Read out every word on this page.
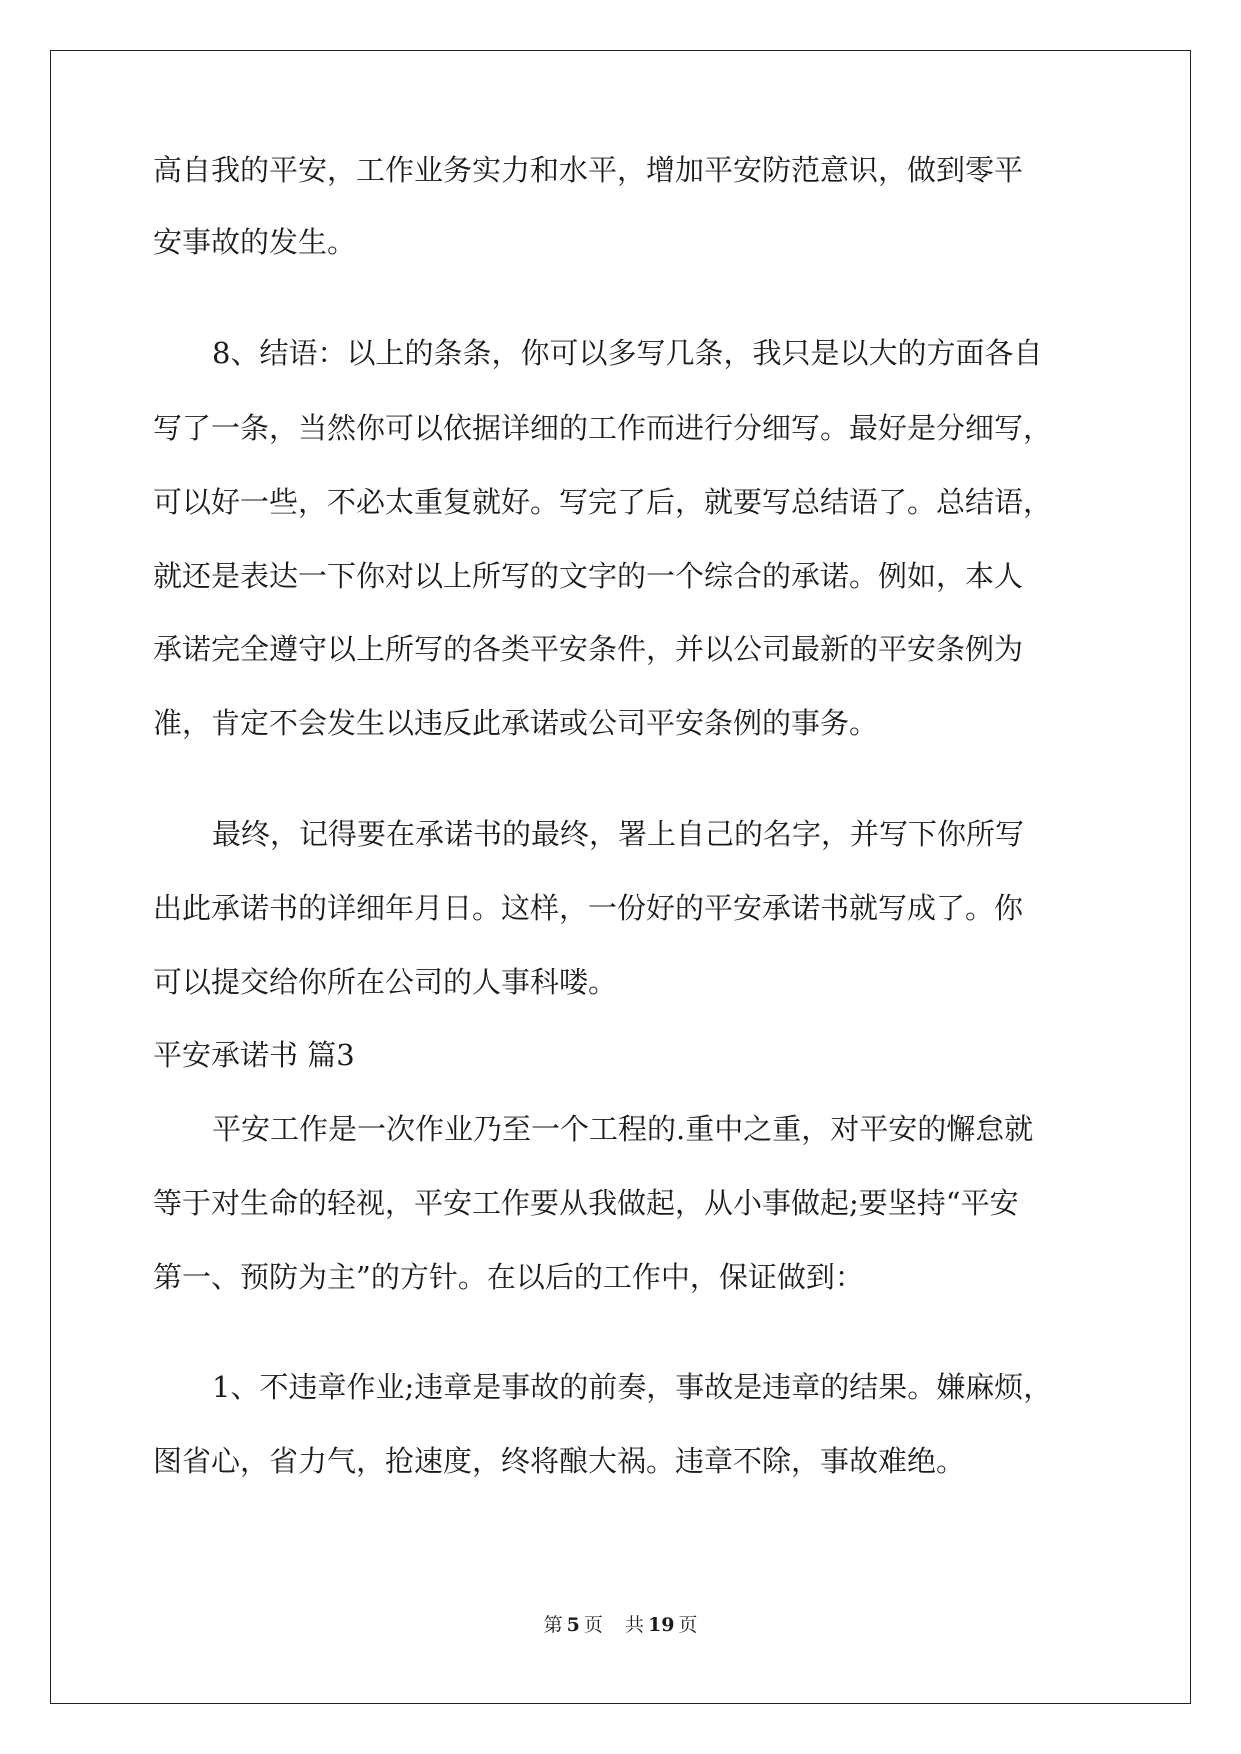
高自我的平安，工作业务实力和水平，增加平安防范意识，做到零平
安事故的发生。
8、结语：以上的条条，你可以多写几条，我只是以大的方面各自
写了一条，当然你可以依据详细的工作而进行分细写。最好是分细写，
可以好一些，不必太重复就好。写完了后，就要写总结语了。总结语，
就还是表达一下你对以上所写的文字的一个综合的承诺。例如，本人
承诺完全遵守以上所写的各类平安条件，并以公司最新的平安条例为
准，肯定不会发生以违反此承诺或公司平安条例的事务。
最终，记得要在承诺书的最终，署上自己的名字，并写下你所写
出此承诺书的详细年月日。这样，一份好的平安承诺书就写成了。你
可以提交给你所在公司的人事科喽。
平安承诺书 篇3
平安工作是一次作业乃至一个工程的.重中之重，对平安的懈怠就
等于对生命的轻视，平安工作要从我做起，从小事做起;要坚持“平安
第一、预防为主”的方针。在以后的工作中，保证做到：
1、不违章作业;违章是事故的前奏，事故是违章的结果。嫌麻烦，
图省心，省力气，抢速度，终将酿大祸。违章不除，事故难绝。
第 5 页 共 19 页
